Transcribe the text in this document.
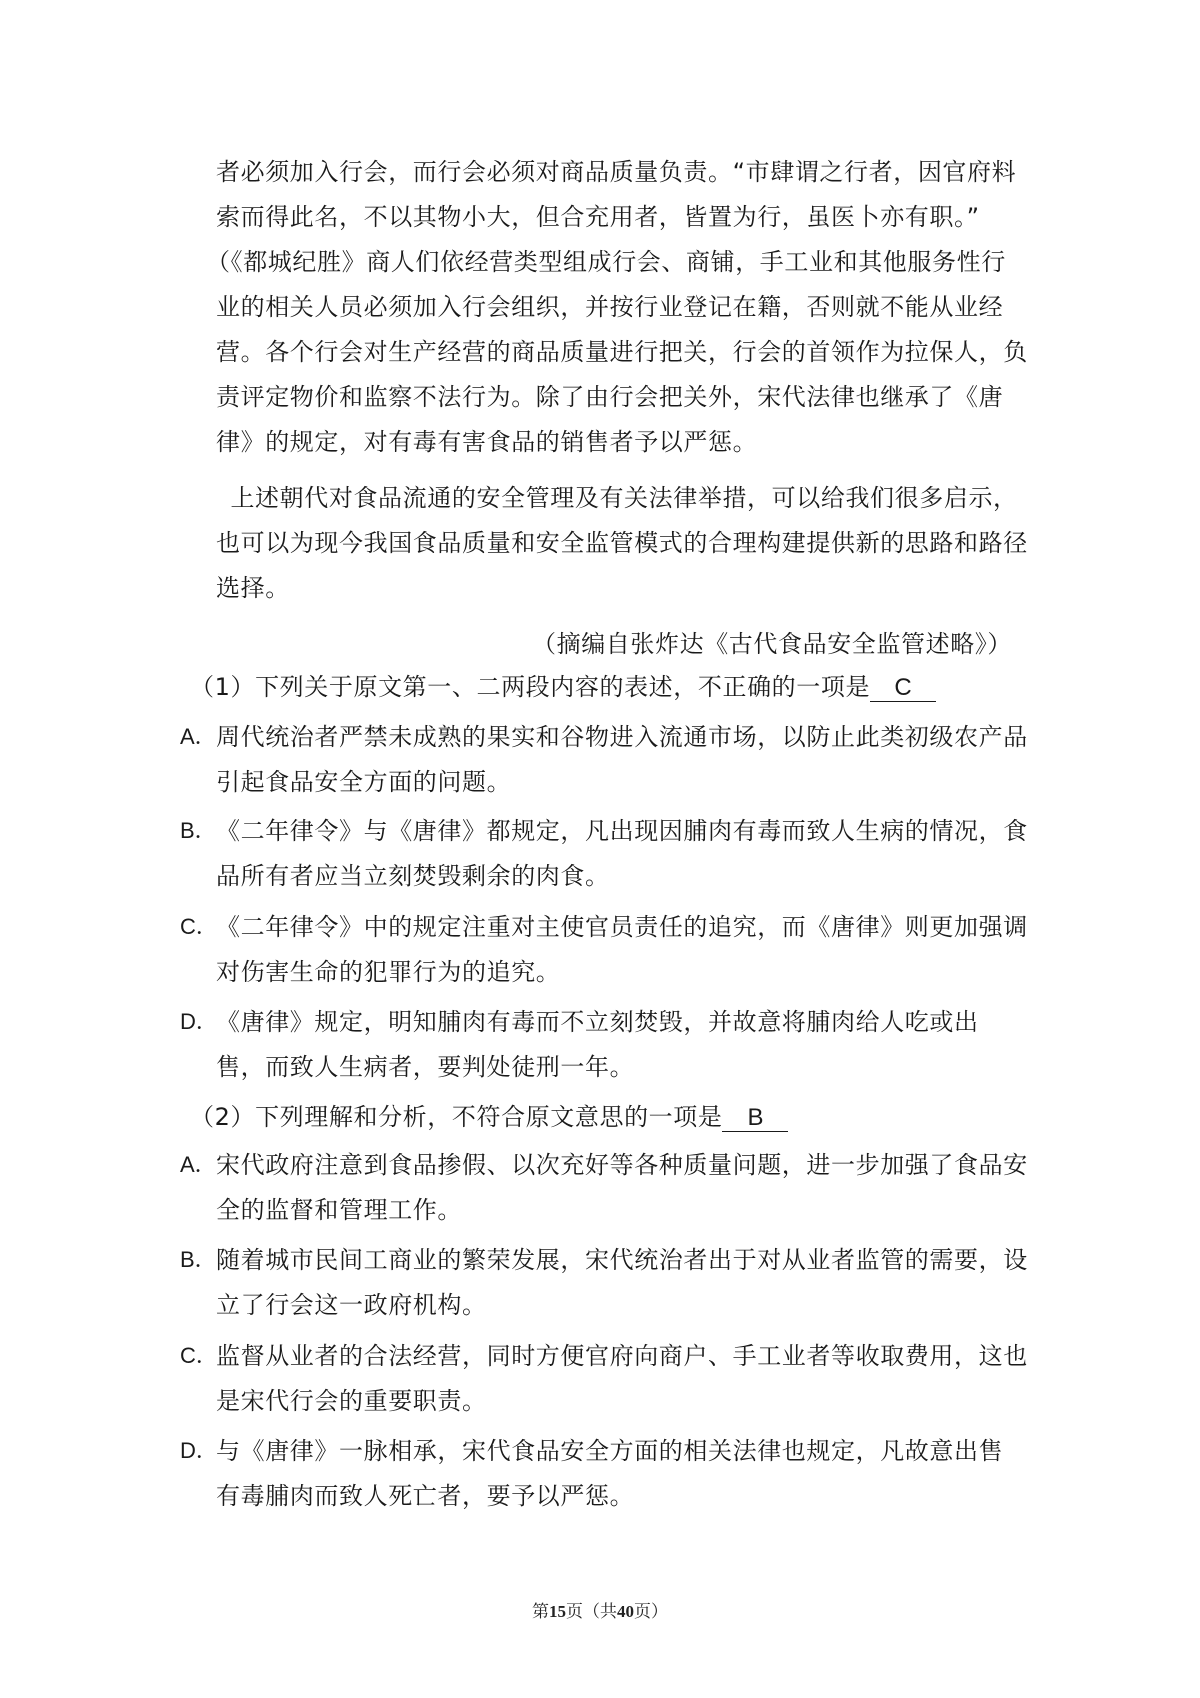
者必须加入行会，而行会必须对商品质量负责。“市肆谓之行者，因官府料
索而得此名，不以其物小大，但合充用者，皆置为行，虽医卜亦有职。”
（《都城纪胜》商人们依经营类型组成行会、商铺，手工业和其他服务性行
业的相关人员必须加入行会组织，并按行业登记在籍，否则就不能从业经
营。各个行会对生产经营的商品质量进行把关，行会的首领作为拉保人，负
责评定物价和监察不法行为。除了由行会把关外，宋代法律也继承了《唐
律》的规定，对有毒有害食品的销售者予以严惩。
上述朝代对食品流通的安全管理及有关法律举措，可以给我们很多启示，
也可以为现今我国食品质量和安全监管模式的合理构建提供新的思路和路径
选择。
（摘编自张炸达《古代食品安全监管述略》）
（1）下列关于原文第一、二两段内容的表述，不正确的一项是 C
A． 周代统治者严禁未成熟的果实和谷物进入流通市场，以防止此类初级农产品
引起食品安全方面的问题。
B． 《二年律令》与《唐律》都规定，凡出现因脯肉有毒而致人生病的情况，食
品所有者应当立刻焚毁剩余的肉食。
C．
《二年律令》中的规定注重对主使官员责任的追究，而《唐律》则更加强调
对伤害生命的犯罪行为的追究。
D．
《唐律》规定，明知脯肉有毒而不立刻焚毁，并故意将脯肉给人吃或出
售，而致人生病者，要判处徒刑一年。
（2）下列理解和分析，不符合原文意思的一项是 B
A． 宋代政府注意到食品掺假、以次充好等各种质量问题，进一步加强了食品安
全的监督和管理工作。
B． 随着城市民间工商业的繁荣发展，宋代统治者出于对从业者监管的需要，设
立了行会这一政府机构。
C．
监督从业者的合法经营，同时方便官府向商户、手工业者等收取费用，这也
是宋代行会的重要职责。
D．
与《唐律》一脉相承，宋代食品安全方面的相关法律也规定，凡故意出售
有毒脯肉而致人死亡者，要予以严惩。
第15页（共40页）
